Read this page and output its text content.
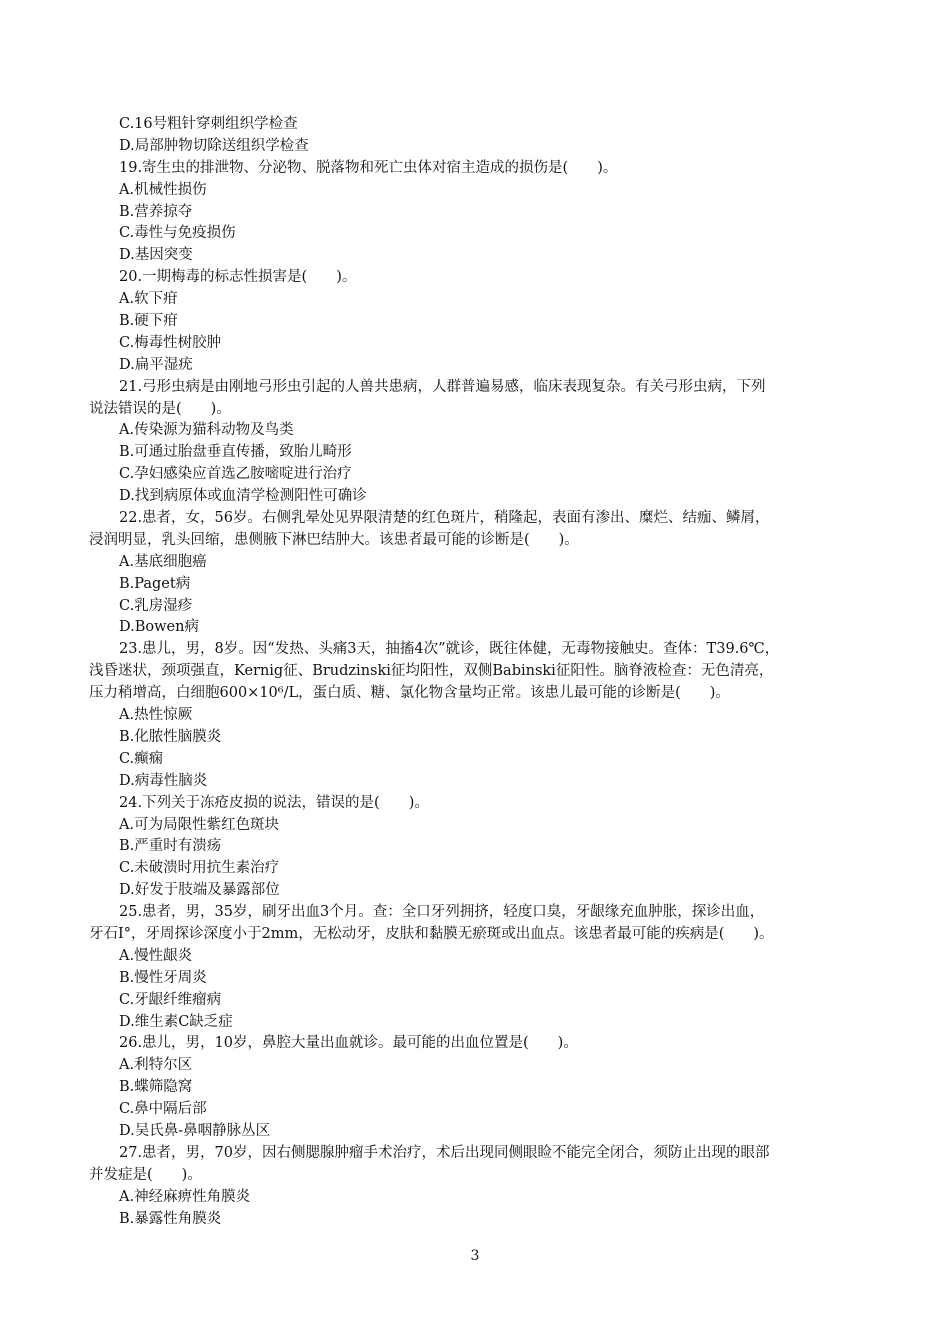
C.16号粗针穿刺组织学检查
D.局部肿物切除送组织学检查
19.寄生虫的排泄物、分泌物、脱落物和死亡虫体对宿主造成的损伤是(　　)。
A.机械性损伤
B.营养掠夺
C.毒性与免疫损伤
D.基因突变
20.一期梅毒的标志性损害是(　　)。
A.软下疳
B.硬下疳
C.梅毒性树胶肿
D.扁平湿疣
21.弓形虫病是由刚地弓形虫引起的人兽共患病，人群普遍易感，临床表现复杂。有关弓形虫病，下列
说法错误的是(　　)。
A.传染源为猫科动物及鸟类
B.可通过胎盘垂直传播，致胎儿畸形
C.孕妇感染应首选乙胺嘧啶进行治疗
D.找到病原体或血清学检测阳性可确诊
22.患者，女，56岁。右侧乳晕处见界限清楚的红色斑片，稍隆起，表面有渗出、糜烂、结痂、鳞屑，
浸润明显，乳头回缩，患侧腋下淋巴结肿大。该患者最可能的诊断是(　　)。
A.基底细胞癌
B.Paget病
C.乳房湿疹
D.Bowen病
23.患儿，男，8岁。因“发热、头痛3天，抽搐4次”就诊，既往体健，无毒物接触史。查体：T39.6℃，
浅昏迷状，颈项强直，Kernig征、Brudzinski征均阳性，双侧Babinski征阳性。脑脊液检查：无色清亮，
压力稍增高，白细胞600×10⁶/L，蛋白质、糖、氯化物含量均正常。该患儿最可能的诊断是(　　)。
A.热性惊厥
B.化脓性脑膜炎
C.癫痫
D.病毒性脑炎
24.下列关于冻疮皮损的说法，错误的是(　　)。
A.可为局限性紫红色斑块
B.严重时有溃疡
C.未破溃时用抗生素治疗
D.好发于肢端及暴露部位
25.患者，男，35岁，刷牙出血3个月。查：全口牙列拥挤，轻度口臭，牙龈缘充血肿胀，探诊出血，
牙石Ⅰ°，牙周探诊深度小于2mm，无松动牙，皮肤和黏膜无瘀斑或出血点。该患者最可能的疾病是(　　)。
A.慢性龈炎
B.慢性牙周炎
C.牙龈纤维瘤病
D.维生素C缺乏症
26.患儿，男，10岁，鼻腔大量出血就诊。最可能的出血位置是(　　)。
A.利特尔区
B.蝶筛隐窝
C.鼻中隔后部
D.吴氏鼻-鼻咽静脉丛区
27.患者，男，70岁，因右侧腮腺肿瘤手术治疗，术后出现同侧眼睑不能完全闭合，须防止出现的眼部
并发症是(　　)。
A.神经麻痹性角膜炎
B.暴露性角膜炎
3
